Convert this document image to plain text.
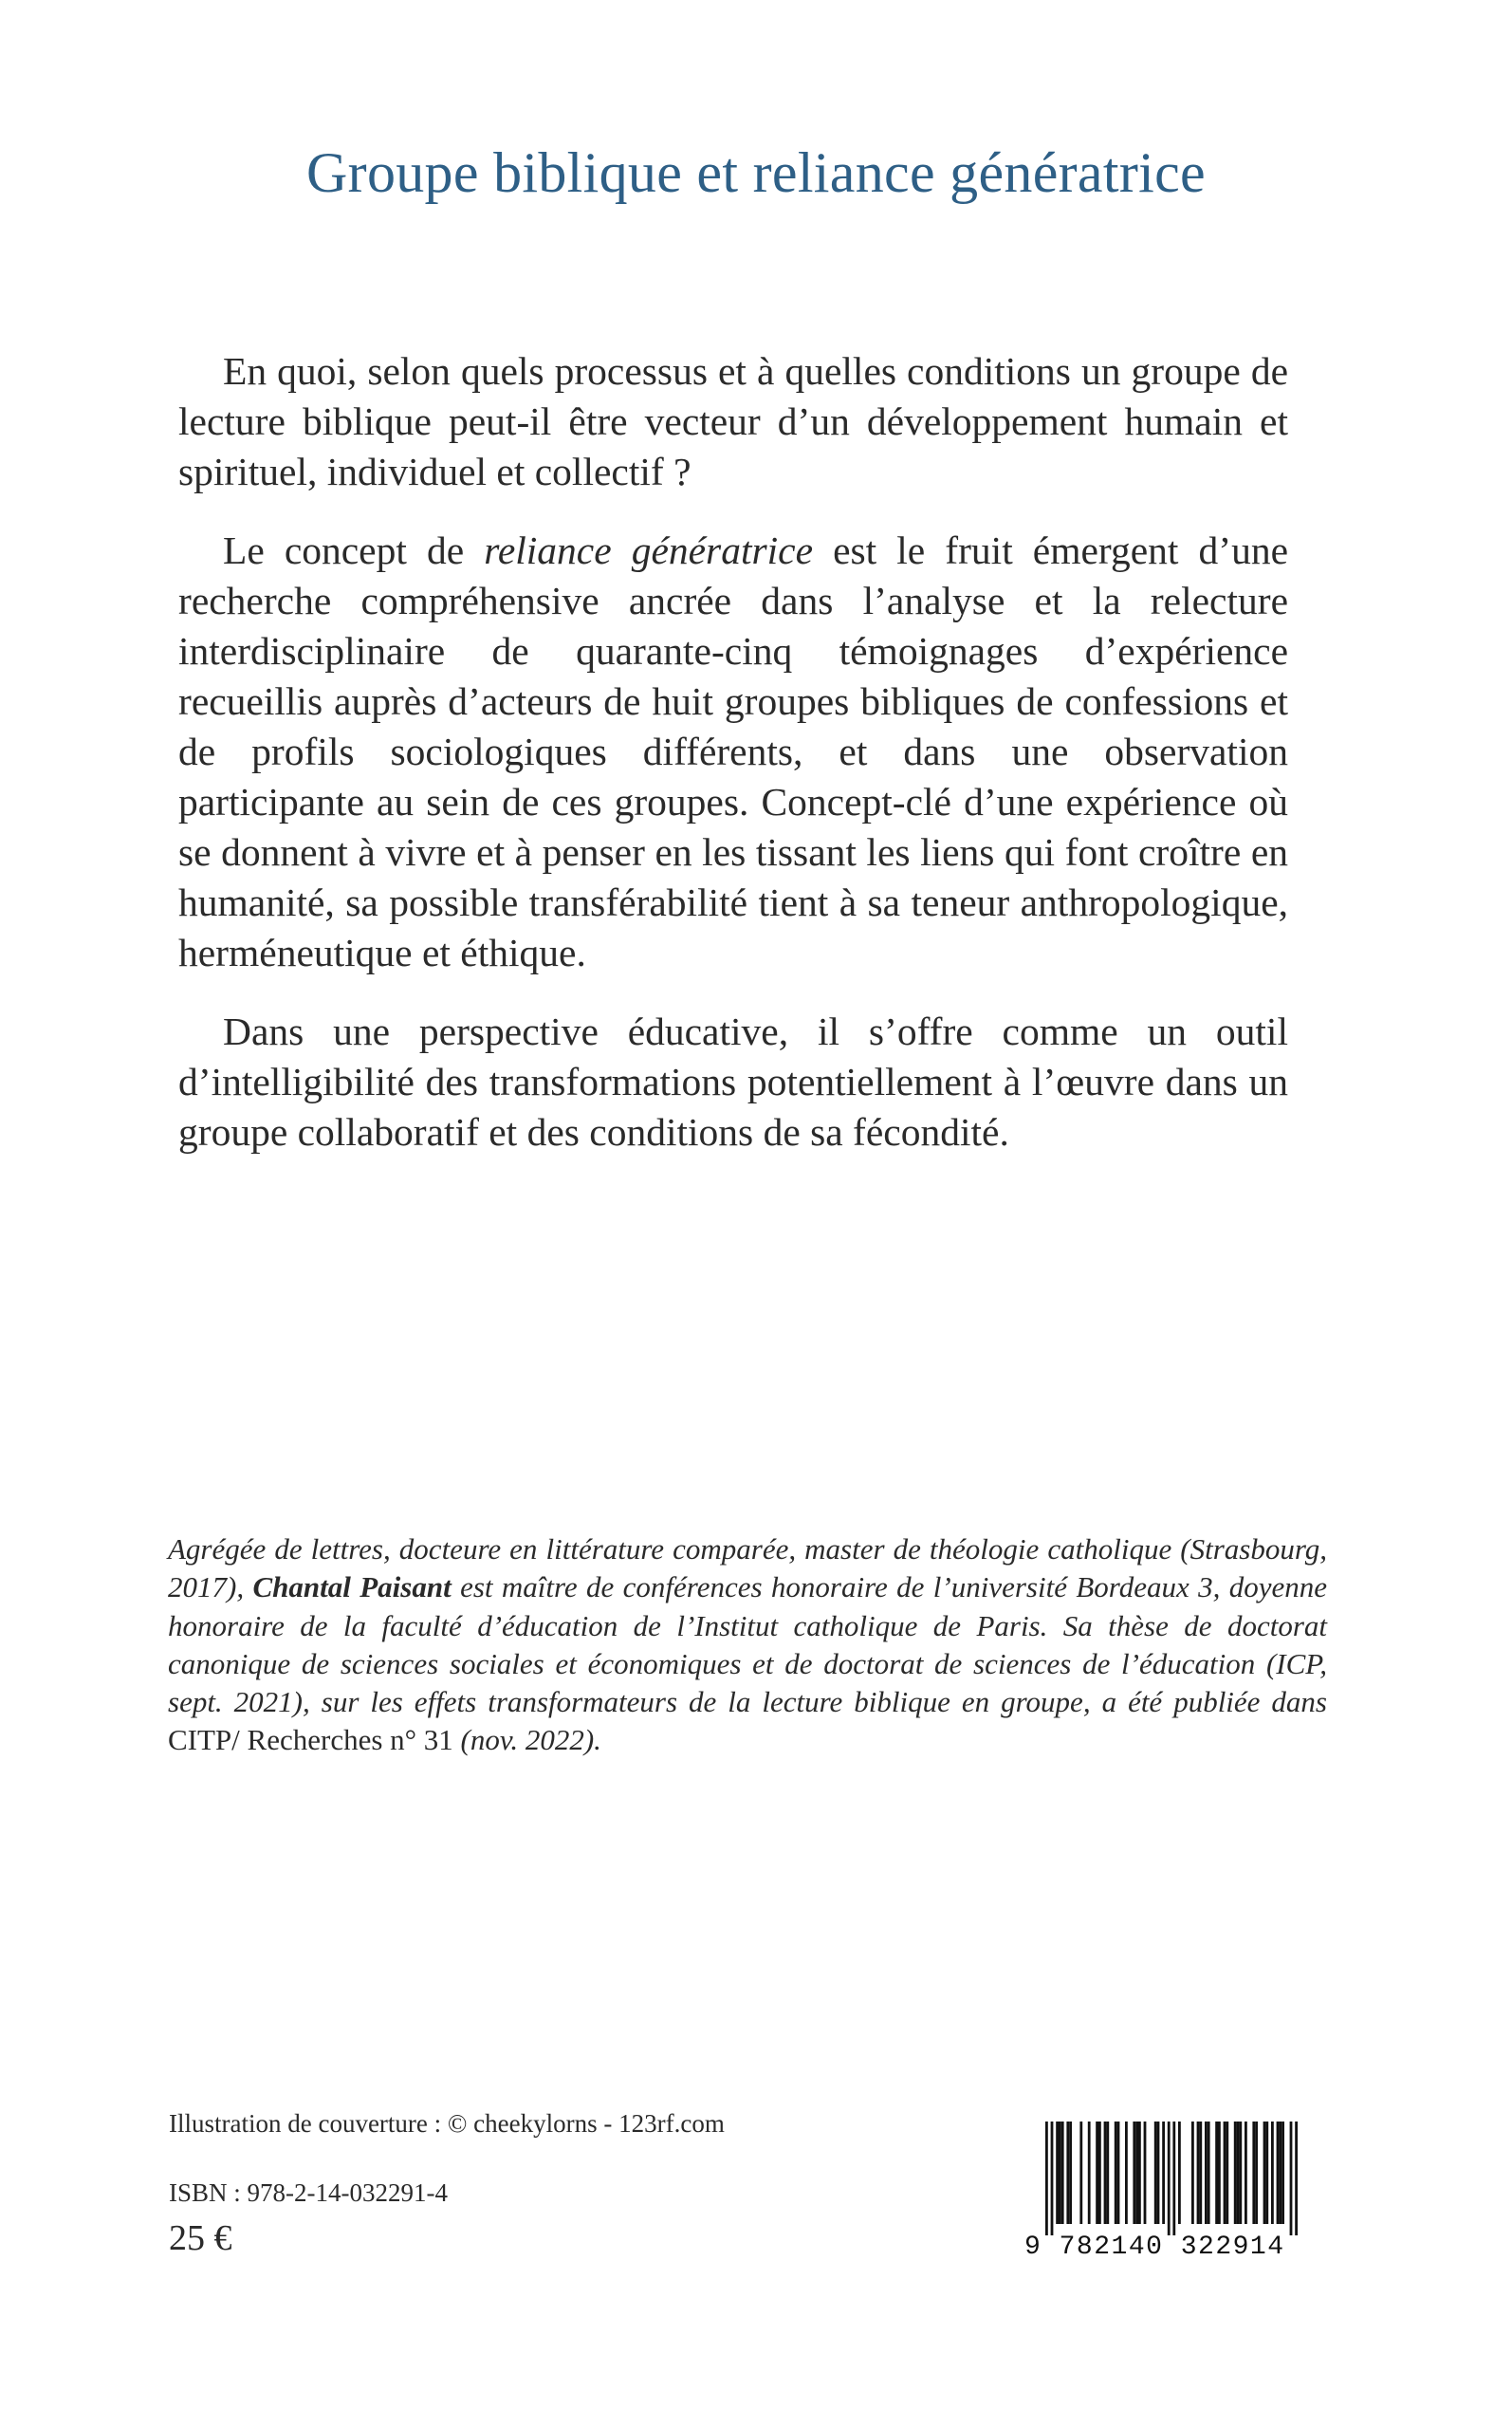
Groupe biblique et reliance génératrice

En quoi, selon quels processus et à quelles conditions un groupe de lecture biblique peut-il être vecteur d’un développement humain et spirituel, individuel et collectif ?

Le concept de reliance génératrice est le fruit émergent d’une recherche compréhensive ancrée dans l’analyse et la relecture interdisciplinaire de quarante-cinq témoignages d’expérience recueillis auprès d’acteurs de huit groupes bibliques de confessions et de profils sociologiques différents, et dans une observation participante au sein de ces groupes. Concept-clé d’une expérience où se donnent à vivre et à penser en les tissant les liens qui font croître en humanité, sa possible transférabilité tient à sa teneur anthropologique, herméneutique et éthique.

Dans une perspective éducative, il s’offre comme un outil d’intelligibilité des transformations potentiellement à l’œuvre dans un groupe collaboratif et des conditions de sa fécondité.

Agrégée de lettres, docteure en littérature comparée, master de théologie catholique (Strasbourg, 2017), Chantal Paisant est maître de conférences honoraire de l’université Bordeaux 3, doyenne honoraire de la faculté d’éducation de l’Institut catholique de Paris. Sa thèse de doctorat canonique de sciences sociales et économiques et de doctorat de sciences de l’éducation (ICP, sept. 2021), sur les effets transformateurs de la lecture biblique en groupe, a été publiée dans CITP/ Recherches n° 31 (nov. 2022).
Illustration de couverture : © cheekylorns - 123rf.com
ISBN : 978-2-14-032291-4
25 €	9 782140 322914
